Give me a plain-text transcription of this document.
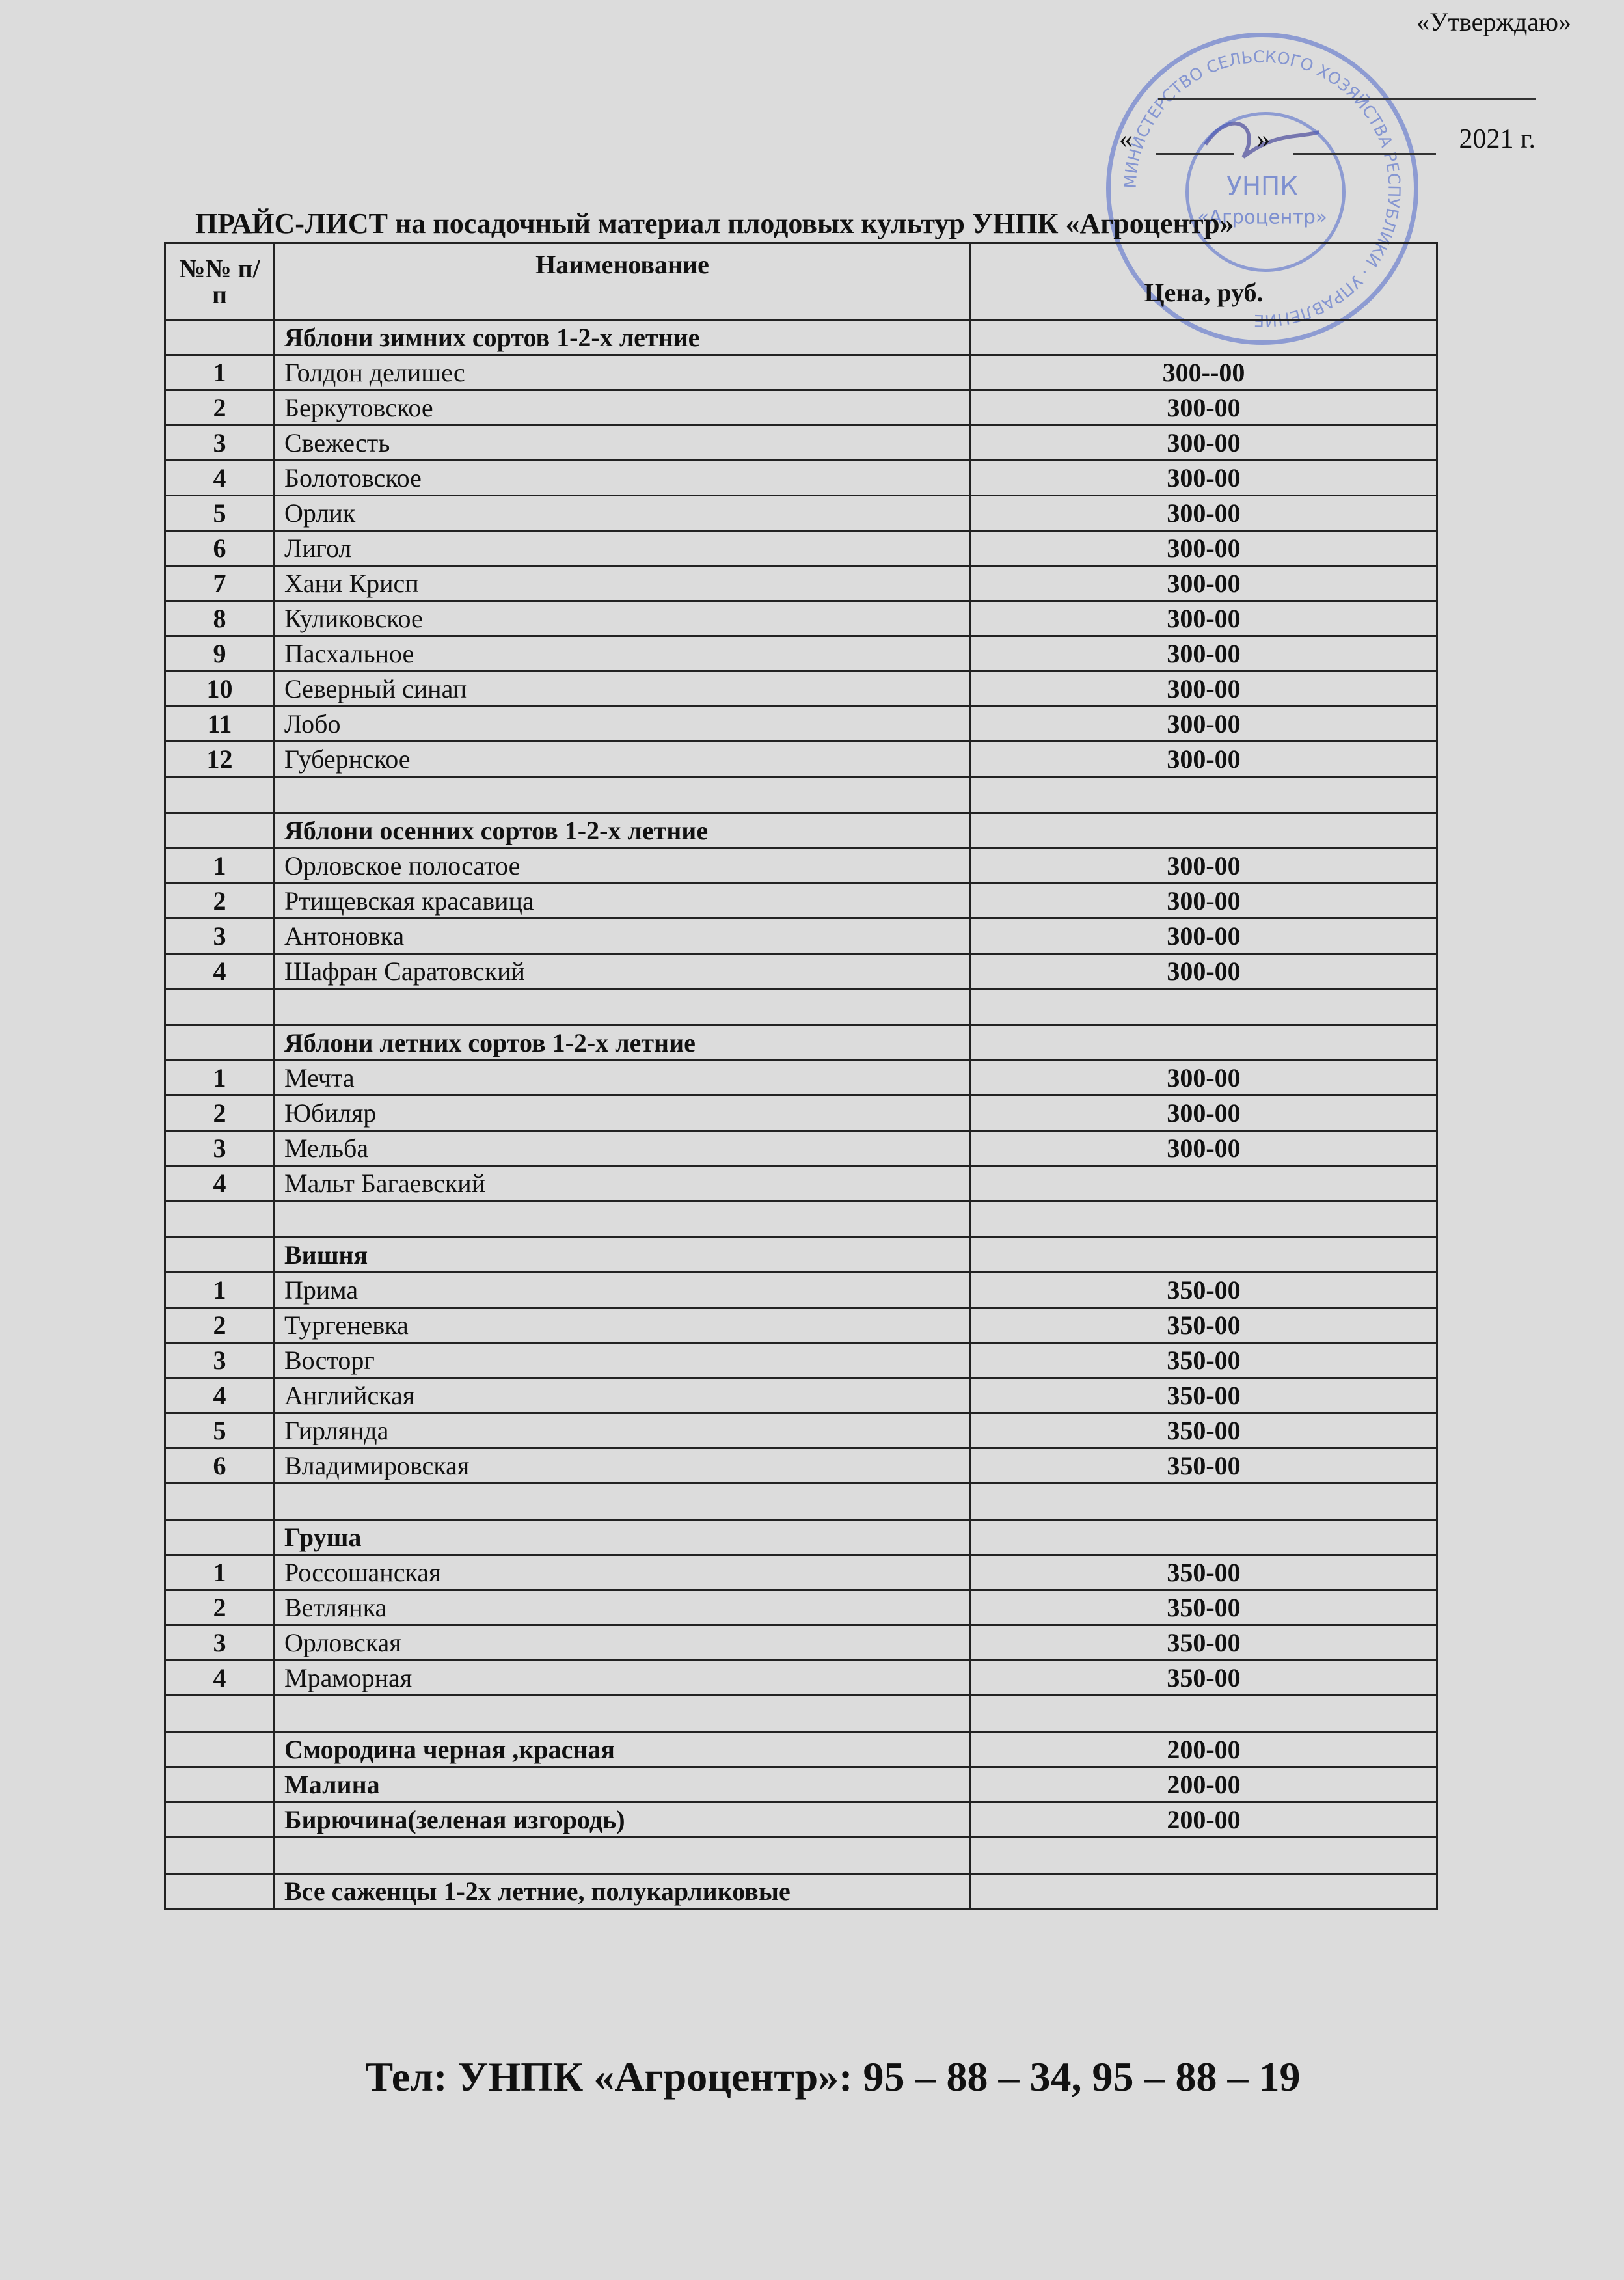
МИНИСТЕРСТВО СЕЛЬСКОГО ХОЗЯЙСТВА РЕСПУБЛИКИ · УПРАВЛЕНИЕ
УНПК
«Агроцентр»
«Утверждаю»
«	»	2021 г.
ПРАЙС-ЛИСТ на посадочный материал плодовых культур УНПК «Агроцентр»
№№ п/п	Наименование	Цена, руб.
	Яблони зимних сортов 1-2-х летние	
1	Голдон делишес	300--00
2	Беркутовское	300-00
3	Свежесть	300-00
4	Болотовское	300-00
5	Орлик	300-00
6	Лигол	300-00
7	Хани Крисп	300-00
8	Куликовское	300-00
9	Пасхальное	300-00
10	Северный синап	300-00
11	Лобо	300-00
12	Губернское	300-00

	Яблони осенних сортов 1-2-х летние	
1	Орловское полосатое	300-00
2	Ртищевская красавица	300-00
3	Антоновка	300-00
4	Шафран Саратовский	300-00

	Яблони летних сортов 1-2-х летние	
1	Мечта	300-00
2	Юбиляр	300-00
3	Мельба	300-00
4	Мальт Багаевский	

	Вишня	
1	Прима	350-00
2	Тургеневка	350-00
3	Восторг	350-00
4	Английская	350-00
5	Гирлянда	350-00
6	Владимировская	350-00

	Груша	
1	Россошанская	350-00
2	Ветлянка	350-00
3	Орловская	350-00
4	Мраморная	350-00

	Смородина черная ,красная	200-00
	Малина	200-00
	Бирючина(зеленая изгородь)	200-00

	Все саженцы 1-2х летние, полукарликовые	
Тел: УНПК «Агроцентр»: 95 – 88 – 34, 95 – 88 – 19
